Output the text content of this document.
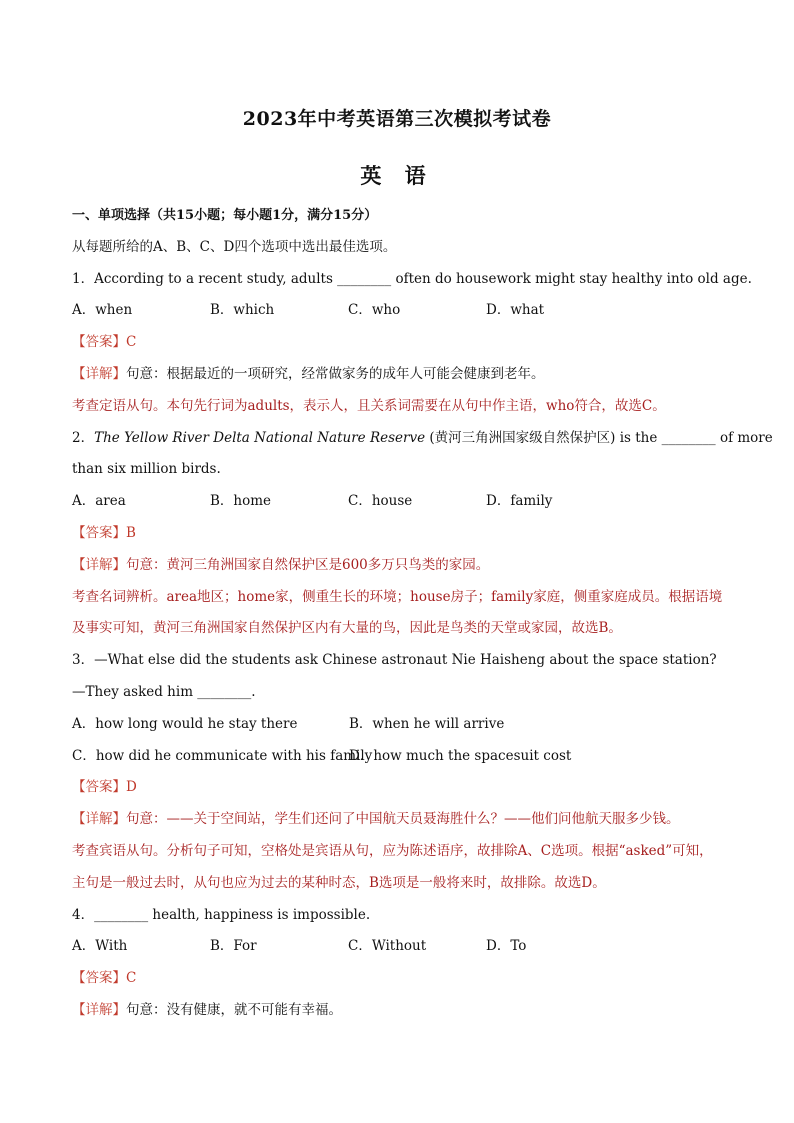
2023年中考英语第三次模拟考试卷
英 语
一、单项选择（共15小题；每小题1分，满分15分）
从每题所给的A、B、C、D四个选项中选出最佳选项。
1．According to a recent study, adults ________ often do housework might stay healthy into old age.
A．when	B．which	C．who	D．what
【答案】C
【详解】句意：根据最近的一项研究，经常做家务的成年人可能会健康到老年。
考查定语从句。本句先行词为adults，表示人，且关系词需要在从句中作主语，who符合，故选C。
2．The Yellow River Delta National Nature Reserve (黄河三角洲国家级自然保护区) is the ________ of more
than six million birds.
A．area	B．home	C．house	D．family
【答案】B
【详解】句意：黄河三角洲国家自然保护区是600多万只鸟类的家园。
考查名词辨析。area地区；home家，侧重生长的环境；house房子；family家庭，侧重家庭成员。根据语境
及事实可知，黄河三角洲国家自然保护区内有大量的鸟，因此是鸟类的天堂或家园，故选B。
3．—What else did the students ask Chinese astronaut Nie Haisheng about the space station?
—They asked him ________.
A．how long would he stay there	B．when he will arrive
C．how did he communicate with his family
D．how much the spacesuit cost
【答案】D
【详解】句意：——关于空间站，学生们还问了中国航天员聂海胜什么？——他们问他航天服多少钱。
考查宾语从句。分析句子可知，空格处是宾语从句，应为陈述语序，故排除A、C选项。根据“asked”可知，
主句是一般过去时，从句也应为过去的某种时态，B选项是一般将来时，故排除。故选D。
4．________ health, happiness is impossible.
A．With	B．For	C．Without	D．To
【答案】C
【详解】句意：没有健康，就不可能有幸福。
